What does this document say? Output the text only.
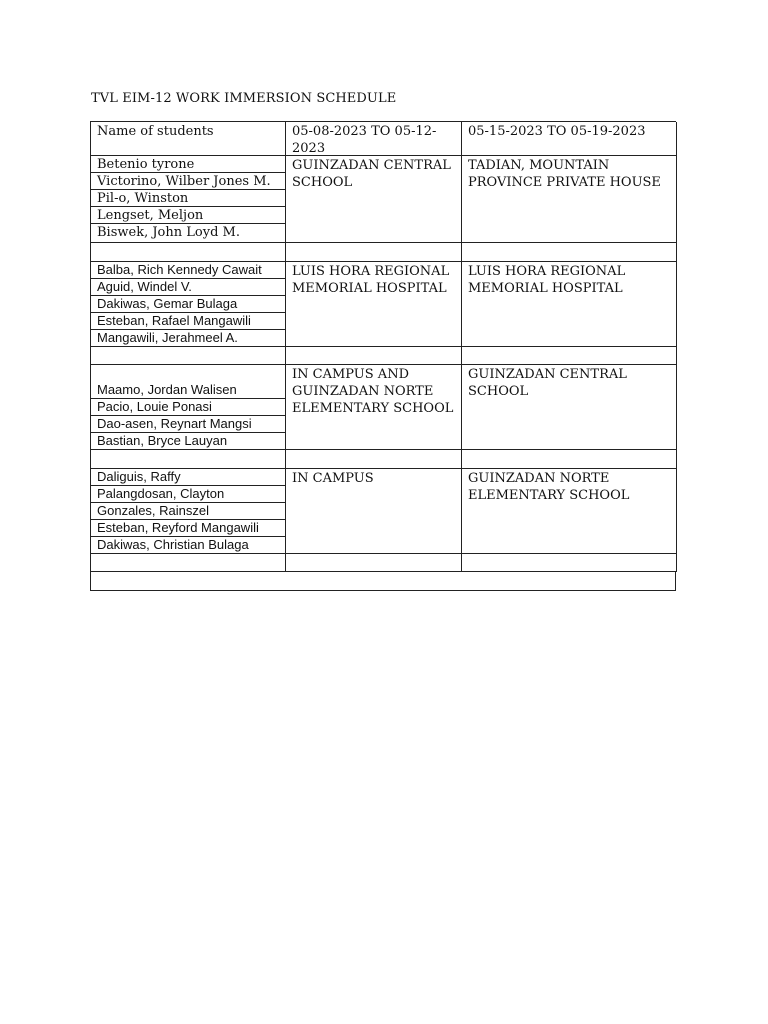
TVL EIM-12 WORK IMMERSION SCHEDULE
Name of students	05-08-2023 TO 05-12-2023
05-15-2023 TO 05-19-2023
Betenio tyrone
Victorino, Wilber Jones M.
Pil-o, Winston
Lengset, Meljon
Biswek, John Loyd M.
GUINZADAN CENTRAL SCHOOL
TADIAN, MOUNTAIN PROVINCE PRIVATE HOUSE
Balba, Rich Kennedy Cawait
Aguid, Windel V.
Dakiwas, Gemar Bulaga
Esteban, Rafael Mangawili
Mangawili, Jerahmeel A.
LUIS HORA REGIONAL MEMORIAL HOSPITAL
LUIS HORA REGIONAL MEMORIAL HOSPITAL
Maamo, Jordan Walisen
Pacio, Louie Ponasi
Dao-asen, Reynart Mangsi
Bastian, Bryce Lauyan
IN CAMPUS AND GUINZADAN NORTE ELEMENTARY SCHOOL
GUINZADAN CENTRAL SCHOOL
Daliguis, Raffy
Palangdosan, Clayton
Gonzales, Rainszel
Esteban, Reyford Mangawili
Dakiwas, Christian Bulaga
IN CAMPUS	GUINZADAN NORTE ELEMENTARY SCHOOL
